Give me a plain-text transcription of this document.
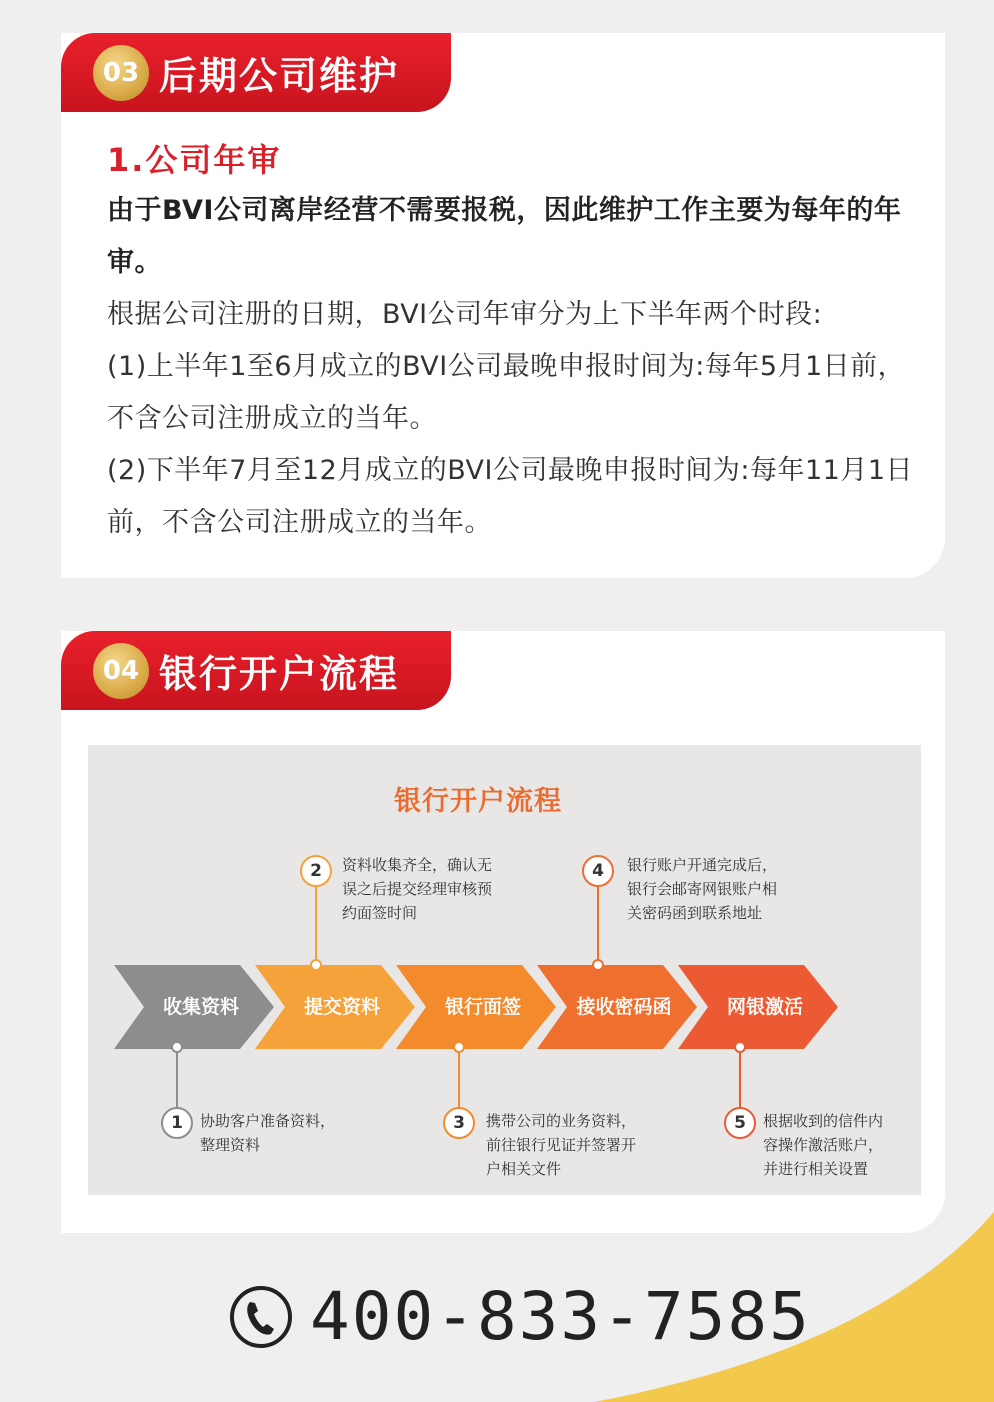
03 后期公司维护
1.公司年审
由于BVI公司离岸经营不需要报税，因此维护工作主要为每年的年审。
根据公司注册的日期，BVI公司年审分为上下半年两个时段:
(1)上半年1至6月成立的BVI公司最晚申报时间为:每年5月1日前，不含公司注册成立的当年。
(2)下半年7月至12月成立的BVI公司最晚申报时间为:每年11月1日前，不含公司注册成立的当年。
04 银行开户流程
银行开户流程
收集资料	提交资料	银行面签	接收密码函	网银激活
2	资料收集齐全，确认无
误之后提交经理审核预
约面签时间
4	银行账户开通完成后，
银行会邮寄网银账户相
关密码函到联系地址
1	协助客户准备资料，
整理资料
3	携带公司的业务资料，
前往银行见证并签署开
户相关文件
5	根据收到的信件内
容操作激活账户，
并进行相关设置
400-833-7585
